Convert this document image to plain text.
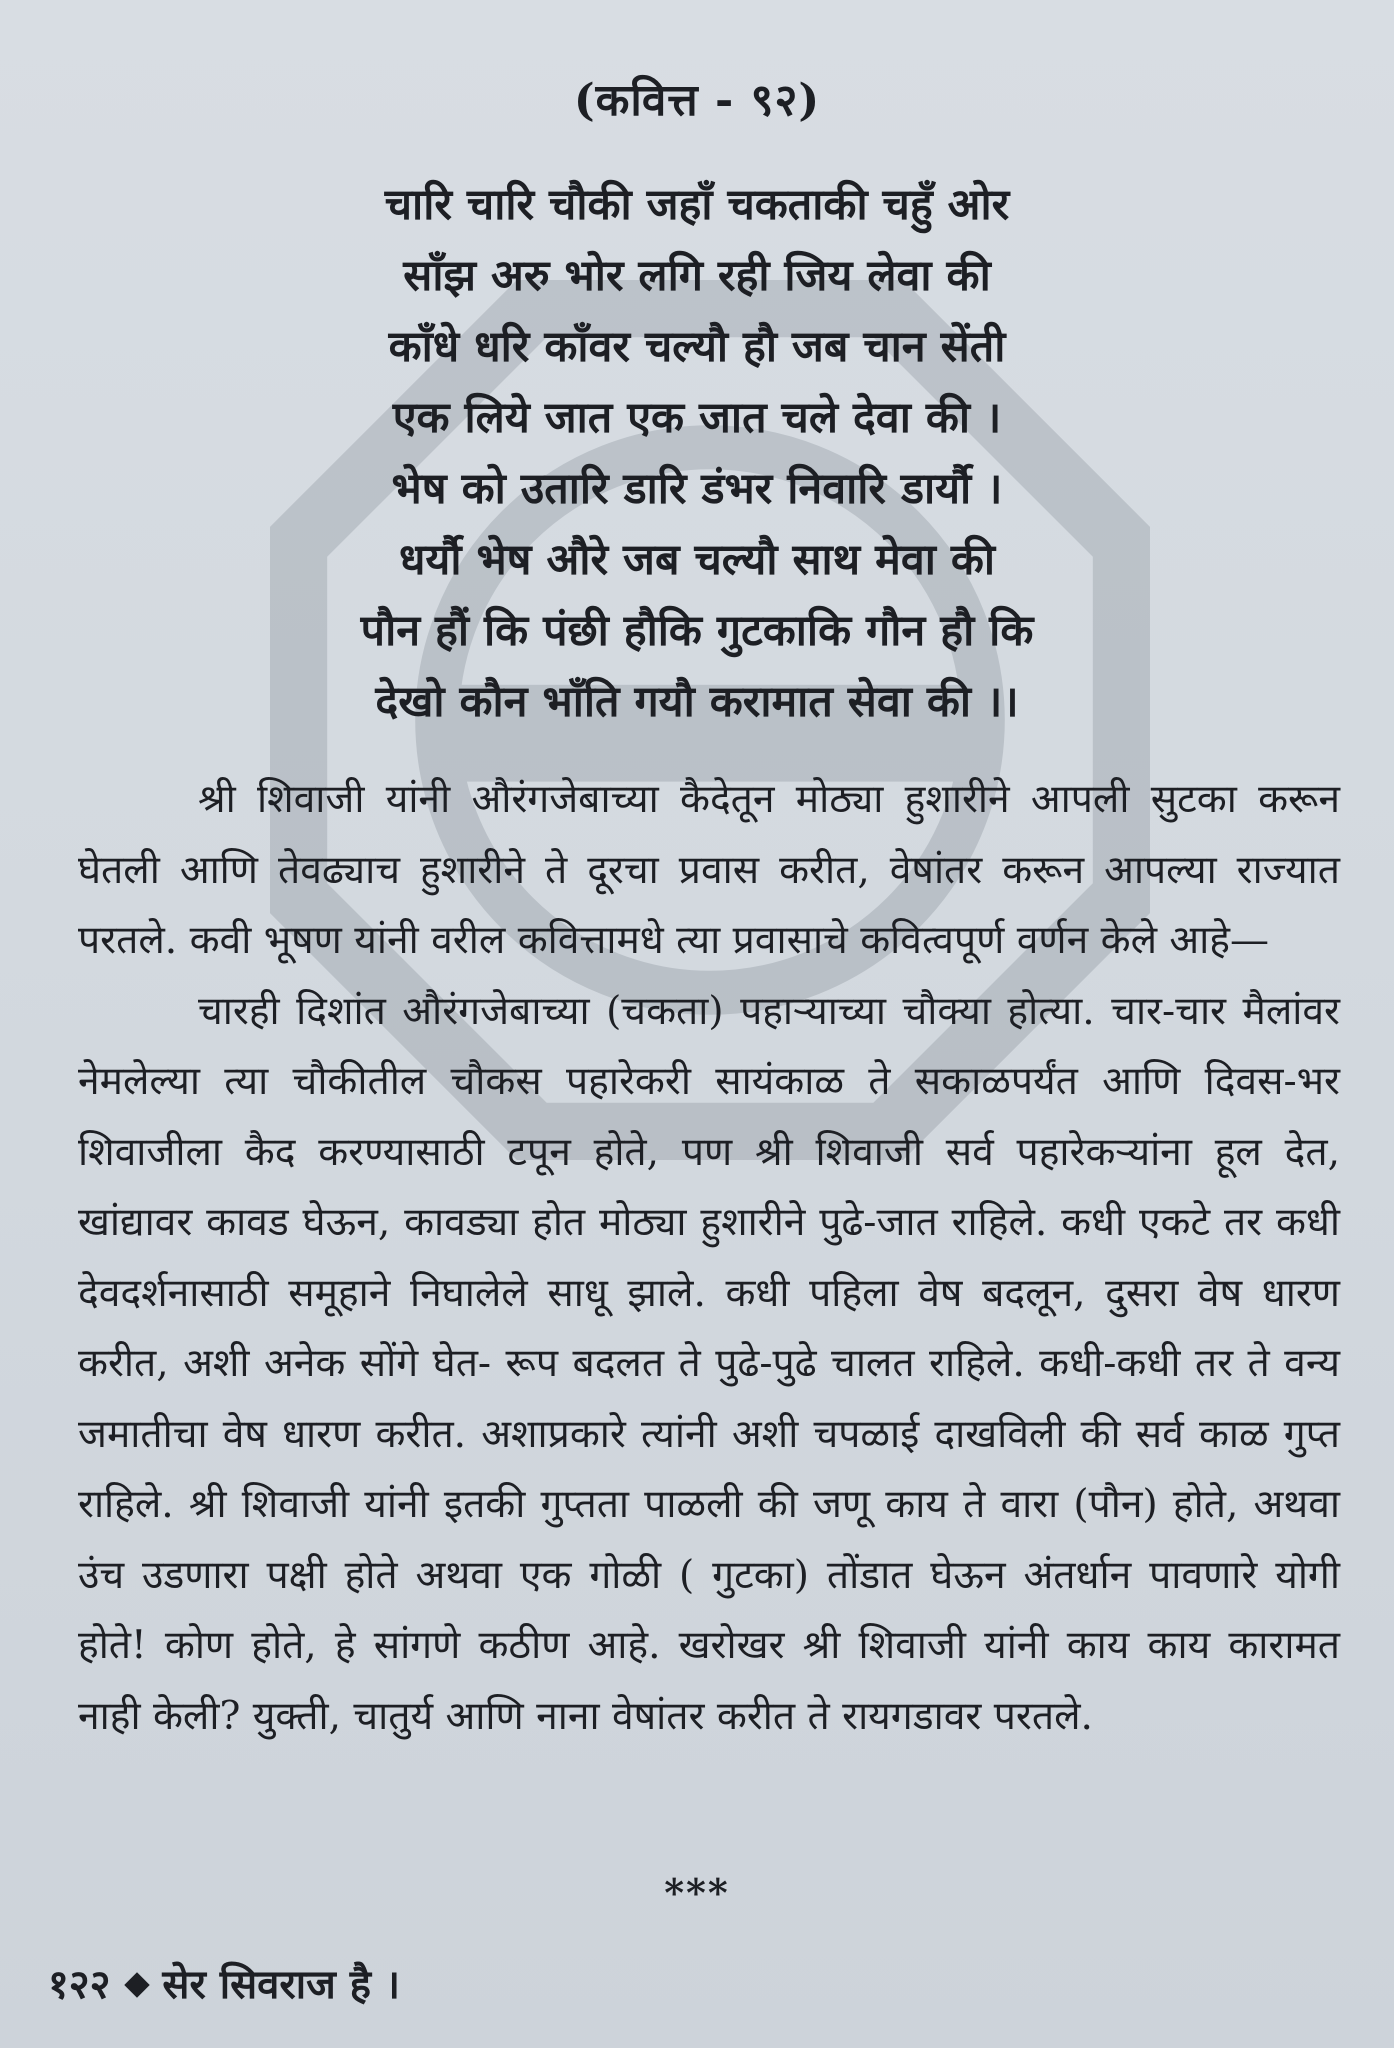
(कवित्त - ९२)
चारि चारि चौकी जहाँ चकताकी चहुँ ओर
साँझ अरु भोर लगि रही जिय लेवा की
काँधे धरि काँवर चल्यौ हौ जब चान सेंती
एक लिये जात एक जात चले देवा की ।
भेष को उतारि डारि डंभर निवारि डार्यौ ।
धर्यौ भेष औरे जब चल्यौ साथ मेवा की
पौन हौं कि पंछी हौकि गुटकाकि गौन हौ कि
देखो कौन भाँति गयौ करामात सेवा की ।।

श्री शिवाजी यांनी औरंगजेबाच्या कैदेतून मोठ्या हुशारीने आपली सुटका करून घेतली आणि तेवढ्याच हुशारीने ते दूरचा प्रवास करीत, वेषांतर करून आपल्या राज्यात परतले. कवी भूषण यांनी वरील कवित्तामधे त्या प्रवासाचे कवित्वपूर्ण वर्णन केले आहे—

चारही दिशांत औरंगजेबाच्या (चकता) पहाऱ्याच्या चौक्या होत्या. चार-चार मैलांवर नेमलेल्या त्या चौकीतील चौकस पहारेकरी सायंकाळ ते सकाळपर्यंत आणि दिवस-भर शिवाजीला कैद करण्यासाठी टपून होते, पण श्री शिवाजी सर्व पहारेकऱ्यांना हूल देत, खांद्यावर कावड घेऊन, कावड्या होत मोठ्या हुशारीने पुढे-जात राहिले. कधी एकटे तर कधी देवदर्शनासाठी समूहाने निघालेले साधू झाले. कधी पहिला वेष बदलून, दुसरा वेष धारण करीत, अशी अनेक सोंगे घेत- रूप बदलत ते पुढे-पुढे चालत राहिले. कधी-कधी तर ते वन्य जमातीचा वेष धारण करीत. अशाप्रकारे त्यांनी अशी चपळाई दाखविली की सर्व काळ गुप्त राहिले. श्री शिवाजी यांनी इतकी गुप्तता पाळली की जणू काय ते वारा (पौन) होते, अथवा उंच उडणारा पक्षी होते अथवा एक गोळी ( गुटका) तोंडात घेऊन अंतर्धान पावणारे योगी होते! कोण होते, हे सांगणे कठीण आहे. खरोखर श्री शिवाजी यांनी काय काय कारामत नाही केली? युक्ती, चातुर्य आणि नाना वेषांतर करीत ते रायगडावर परतले.

***
१२२ सेर सिवराज है ।
